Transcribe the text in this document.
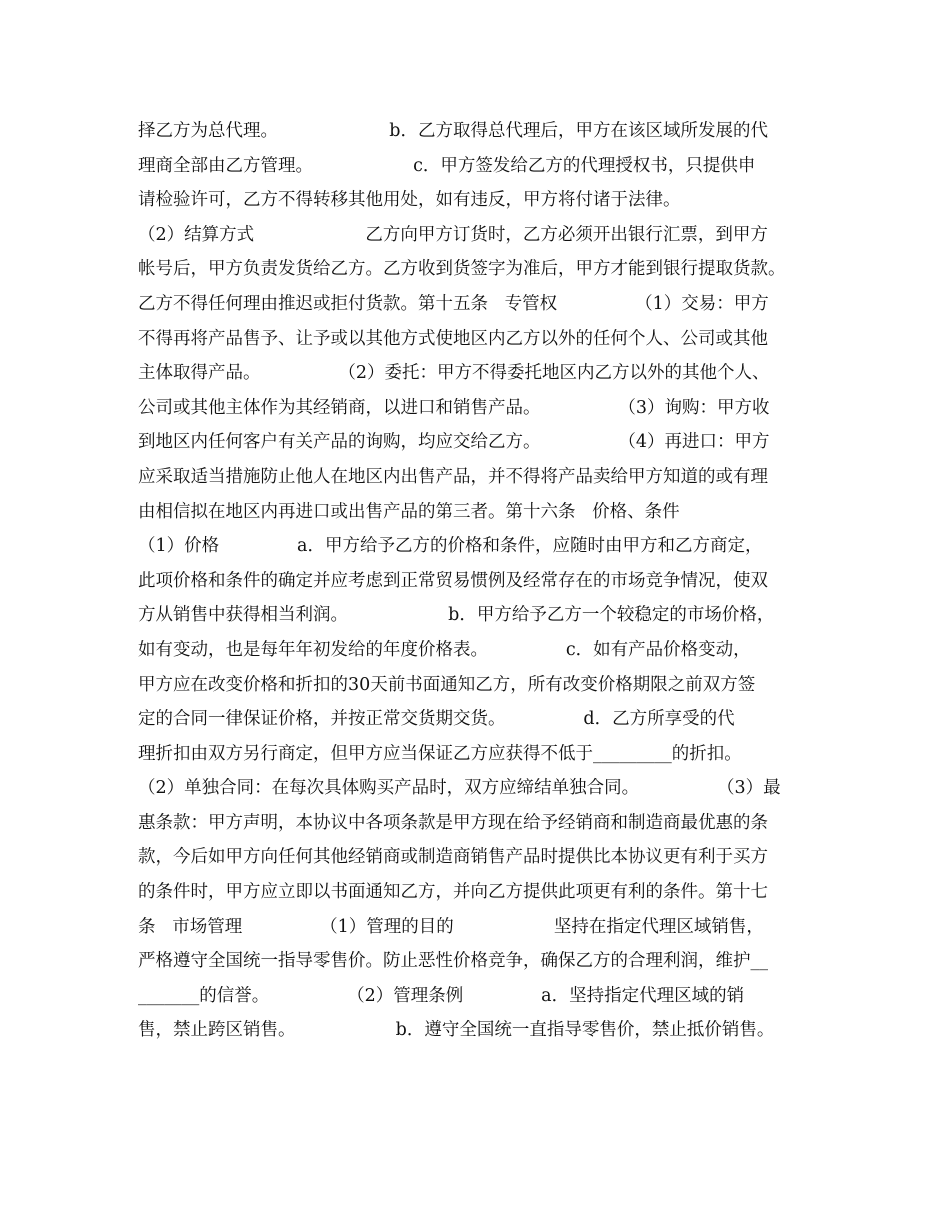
择乙方为总代理。                    b．乙方取得总代理后，甲方在该区域所发展的代
理商全部由乙方管理。                  c．甲方签发给乙方的代理授权书，只提供申
请检验许可，乙方不得转移其他用处，如有违反，甲方将付诸于法律。
（2）结算方式                    乙方向甲方订货时，乙方必须开出银行汇票，到甲方
帐号后，甲方负责发货给乙方。乙方收到货签字为准后，甲方才能到银行提取货款。
乙方不得任何理由推迟或拒付货款。第十五条   专管权              （1）交易：甲方
不得再将产品售予、让予或以其他方式使地区内乙方以外的任何个人、公司或其他
主体取得产品。              （2）委托：甲方不得委托地区内乙方以外的其他个人、
公司或其他主体作为其经销商，以进口和销售产品。              （3）询购：甲方收
到地区内任何客户有关产品的询购，均应交给乙方。              （4）再进口：甲方
应采取适当措施防止他人在地区内出售产品，并不得将产品卖给甲方知道的或有理
由相信拟在地区内再进口或出售产品的第三者。第十六条   价格、条件
（1）价格              a．甲方给予乙方的价格和条件，应随时由甲方和乙方商定，
此项价格和条件的确定并应考虑到正常贸易惯例及经常存在的市场竞争情况，使双
方从销售中获得相当利润。                  b．甲方给予乙方一个较稳定的市场价格，
如有变动，也是每年年初发给的年度价格表。              c．如有产品价格变动，
甲方应在改变价格和折扣的30天前书面通知乙方，所有改变价格期限之前双方签
定的合同一律保证价格，并按正常交货期交货。              d．乙方所享受的代
理折扣由双方另行商定，但甲方应当保证乙方应获得不低于_________的折扣。
（2）单独合同：在每次具体购买产品时，双方应缔结单独合同。              （3）最
惠条款：甲方声明，本协议中各项条款是甲方现在给予经销商和制造商最优惠的条
款，今后如甲方向任何其他经销商或制造商销售产品时提供比本协议更有利于买方
的条件时，甲方应立即以书面通知乙方，并向乙方提供此项更有利的条件。第十七
条   市场管理              （1）管理的目的                  坚持在指定代理区域销售，
严格遵守全国统一指导零售价。防止恶性价格竞争，确保乙方的合理利润，维护__
_______的信誉。              （2）管理条例              a．坚持指定代理区域的销
售，禁止跨区销售。                  b．遵守全国统一直指导零售价，禁止抵价销售。
